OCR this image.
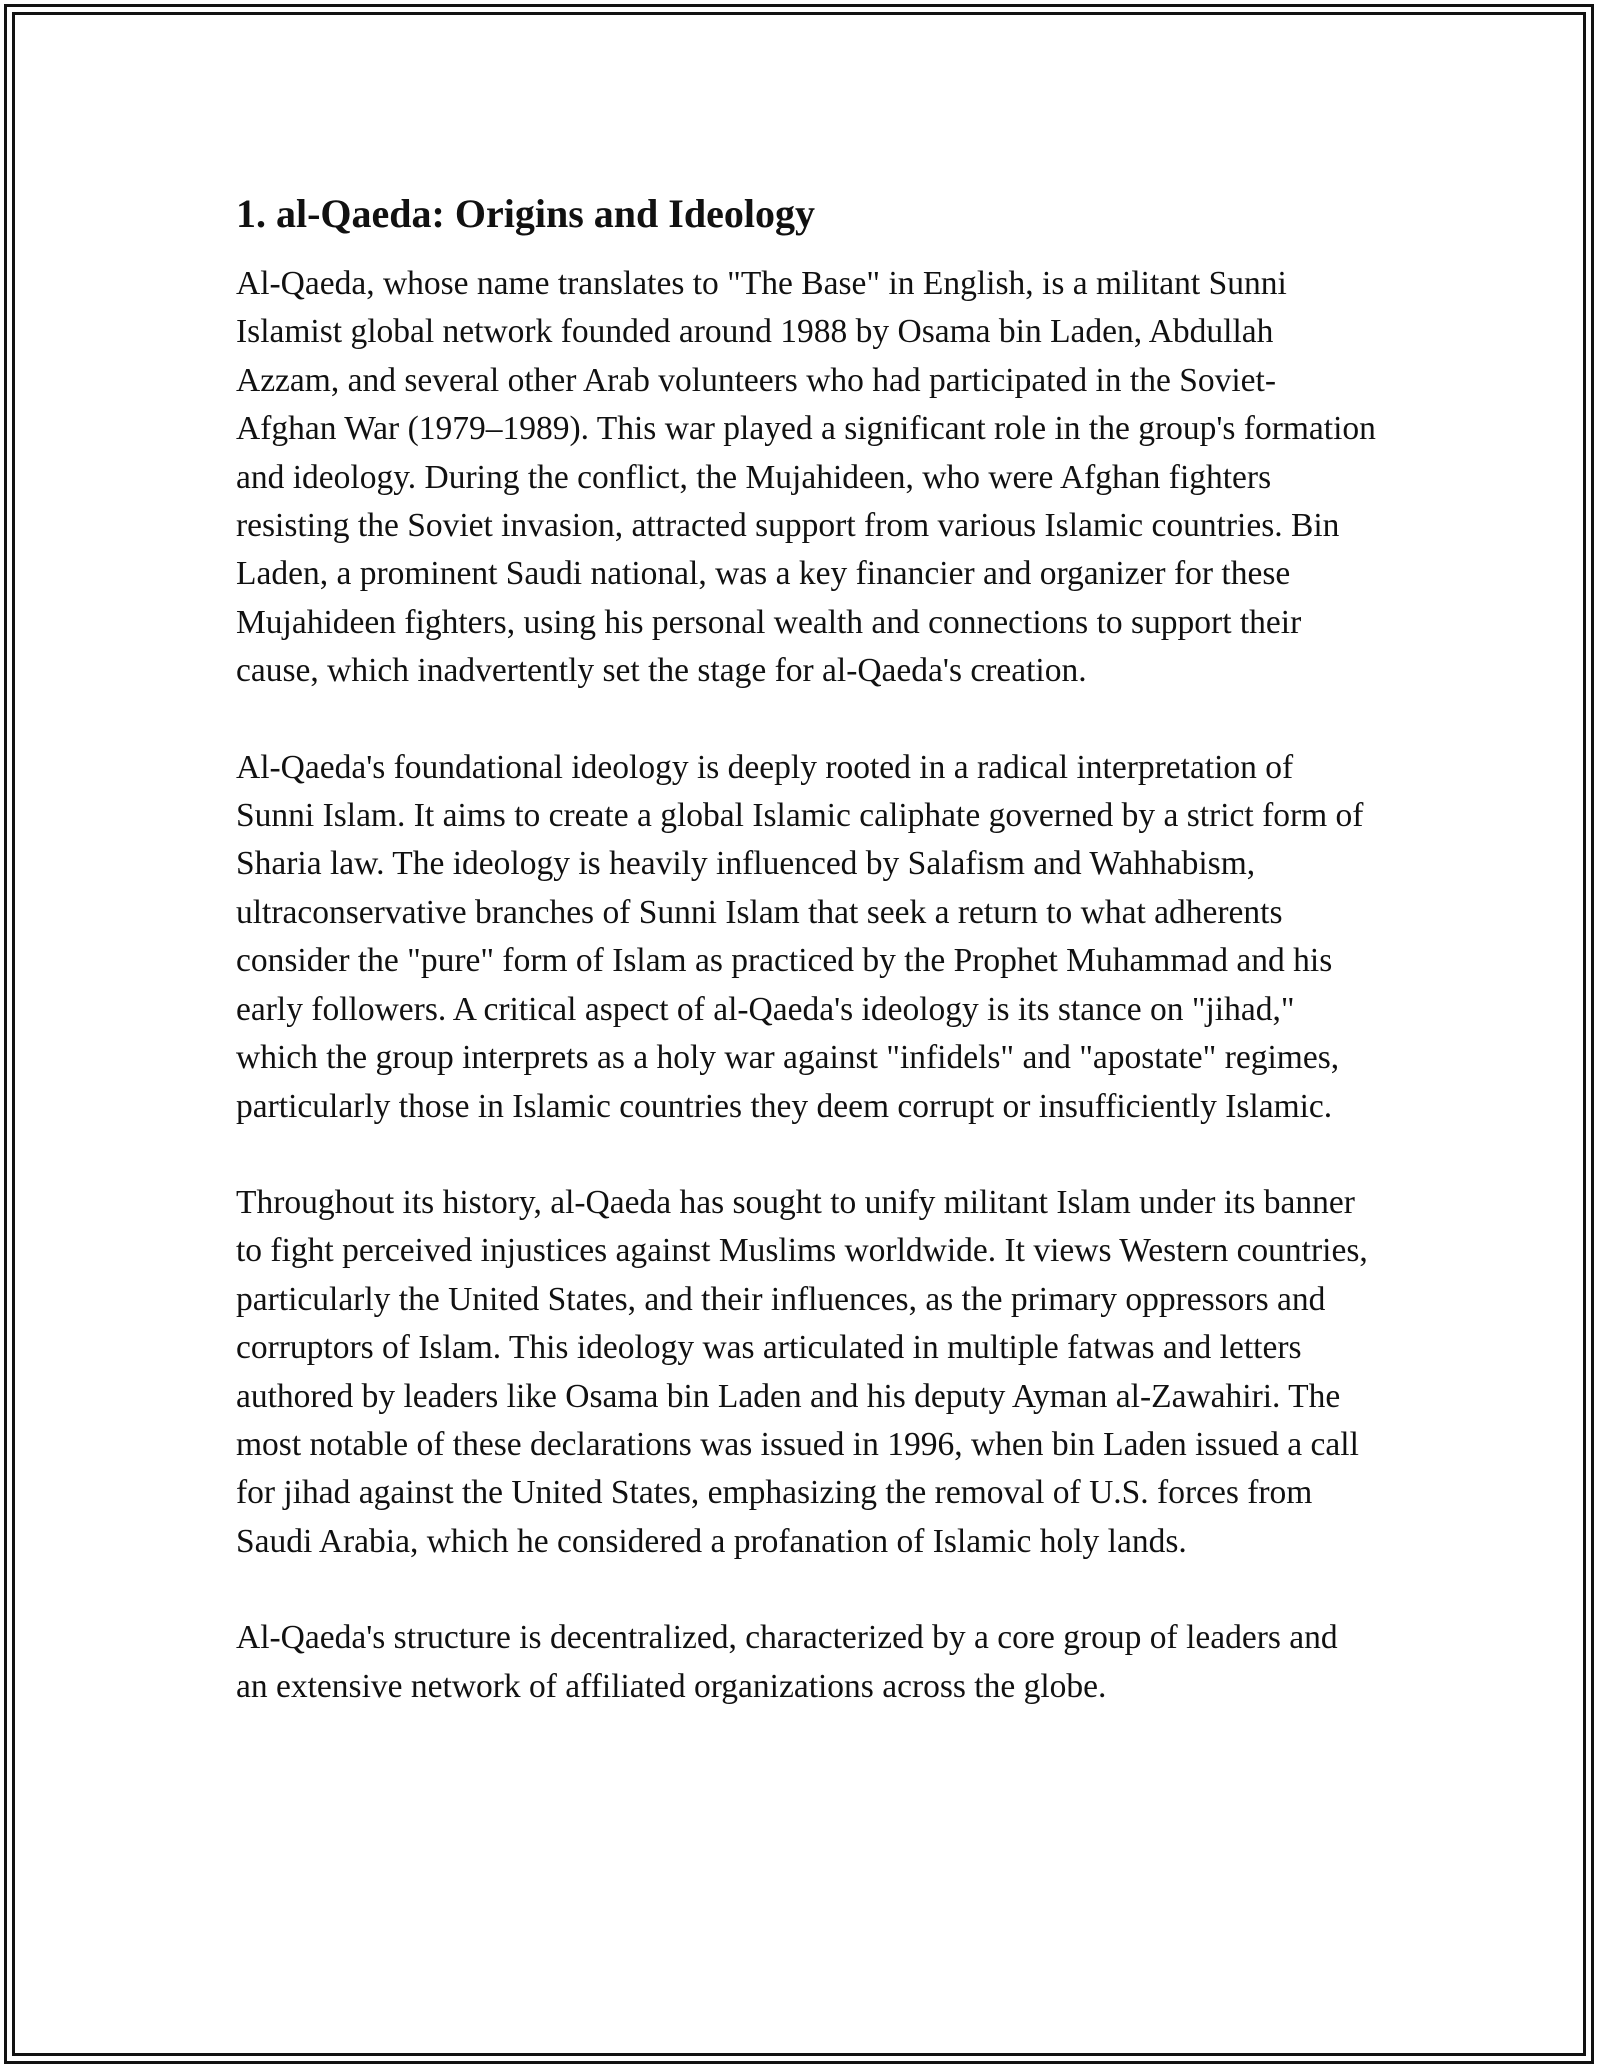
1. al-Qaeda: Origins and Ideology

Al-Qaeda, whose name translates to "The Base" in English, is a militant Sunni Islamist global network founded around 1988 by Osama bin Laden, Abdullah Azzam, and several other Arab volunteers who had participated in the Soviet-Afghan War (1979–1989). This war played a significant role in the group's formation and ideology. During the conflict, the Mujahideen, who were Afghan fighters resisting the Soviet invasion, attracted support from various Islamic countries. Bin Laden, a prominent Saudi national, was a key financier and organizer for these Mujahideen fighters, using his personal wealth and connections to support their cause, which inadvertently set the stage for al-Qaeda's creation.

Al-Qaeda's foundational ideology is deeply rooted in a radical interpretation of Sunni Islam. It aims to create a global Islamic caliphate governed by a strict form of Sharia law. The ideology is heavily influenced by Salafism and Wahhabism, ultraconservative branches of Sunni Islam that seek a return to what adherents consider the "pure" form of Islam as practiced by the Prophet Muhammad and his early followers. A critical aspect of al-Qaeda's ideology is its stance on "jihad," which the group interprets as a holy war against "infidels" and "apostate" regimes, particularly those in Islamic countries they deem corrupt or insufficiently Islamic.

Throughout its history, al-Qaeda has sought to unify militant Islam under its banner to fight perceived injustices against Muslims worldwide. It views Western countries, particularly the United States, and their influences, as the primary oppressors and corruptors of Islam. This ideology was articulated in multiple fatwas and letters authored by leaders like Osama bin Laden and his deputy Ayman al-Zawahiri. The most notable of these declarations was issued in 1996, when bin Laden issued a call for jihad against the United States, emphasizing the removal of U.S. forces from Saudi Arabia, which he considered a profanation of Islamic holy lands.

Al-Qaeda's structure is decentralized, characterized by a core group of leaders and an extensive network of affiliated organizations across the globe.
